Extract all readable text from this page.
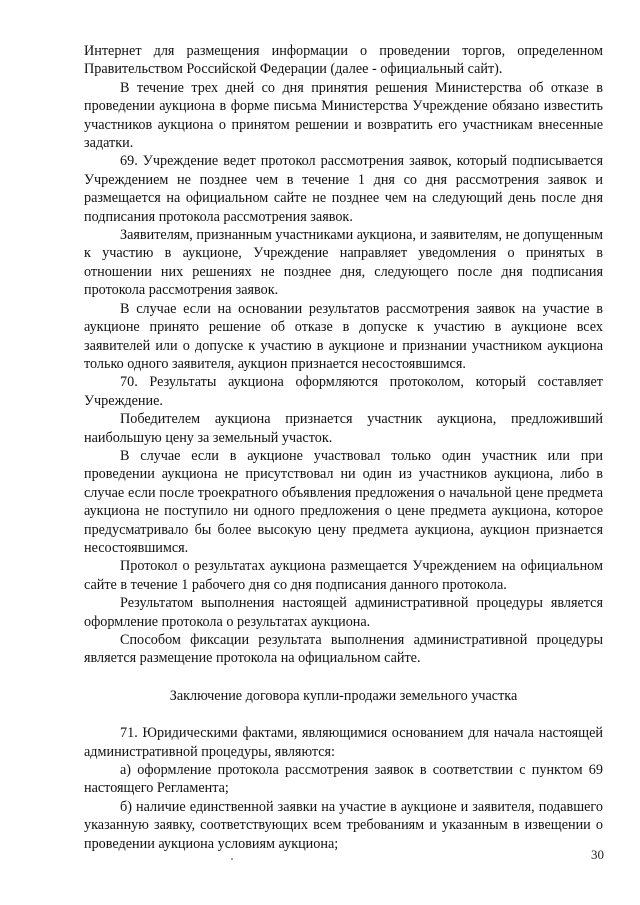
Интернет для размещения информации о проведении торгов, определенном Правительством Российской Федерации (далее - официальный сайт).

В течение трех дней со дня принятия решения Министерства об отказе в проведении аукциона в форме письма Министерства Учреждение обязано известить участников аукциона о принятом решении и возвратить его участникам внесенные задатки.

69. Учреждение ведет протокол рассмотрения заявок, который подписывается Учреждением не позднее чем в течение 1 дня со дня рассмотрения заявок и размещается на официальном сайте не позднее чем на следующий день после дня подписания протокола рассмотрения заявок.

Заявителям, признанным участниками аукциона, и заявителям, не допущенным к участию в аукционе, Учреждение направляет уведомления о принятых в отношении них решениях не позднее дня, следующего после дня подписания протокола рассмотрения заявок.

В случае если на основании результатов рассмотрения заявок на участие в аукционе принято решение об отказе в допуске к участию в аукционе всех заявителей или о допуске к участию в аукционе и признании участником аукциона только одного заявителя, аукцион признается несостоявшимся.

70. Результаты аукциона оформляются протоколом, который составляет Учреждение.

Победителем аукциона признается участник аукциона, предложивший наибольшую цену за земельный участок.

В случае если в аукционе участвовал только один участник или при проведении аукциона не присутствовал ни один из участников аукциона, либо в случае если после троекратного объявления предложения о начальной цене предмета аукциона не поступило ни одного предложения о цене предмета аукциона, которое предусматривало бы более высокую цену предмета аукциона, аукцион признается несостоявшимся.

Протокол о результатах аукциона размещается Учреждением на официальном сайте в течение 1 рабочего дня со дня подписания данного протокола.

Результатом выполнения настоящей административной процедуры является оформление протокола о результатах аукциона.

Способом фиксации результата выполнения административной процедуры является размещение протокола на официальном сайте.

Заключение договора купли-продажи земельного участка

71. Юридическими фактами, являющимися основанием для начала настоящей административной процедуры, являются:

а) оформление протокола рассмотрения заявок в соответствии с пунктом 69 настоящего Регламента;

б) наличие единственной заявки на участие в аукционе и заявителя, подавшего указанную заявку, соответствующих всем требованиям и указанным в извещении о проведении аукциона условиям аукциона;

30
